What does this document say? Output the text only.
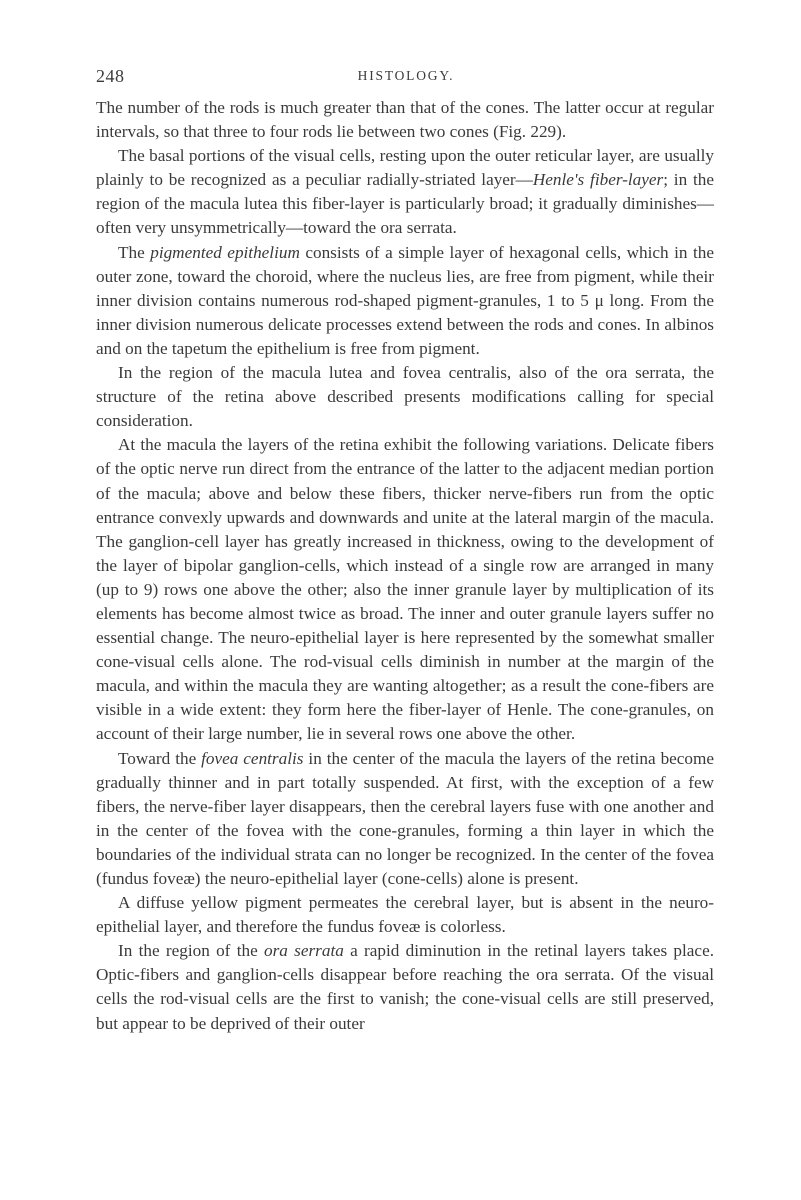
248	HISTOLOGY.

The number of the rods is much greater than that of the cones. The latter occur at regular intervals, so that three to four rods lie between two cones (Fig. 229).

The basal portions of the visual cells, resting upon the outer reticular layer, are usually plainly to be recognized as a peculiar radially-striated layer—Henle's fiber-layer; in the region of the macula lutea this fiber-layer is particularly broad; it gradually diminishes—often very unsymmetrically—toward the ora serrata.

The pigmented epithelium consists of a simple layer of hexagonal cells, which in the outer zone, toward the choroid, where the nucleus lies, are free from pigment, while their inner division contains numerous rod-shaped pigment-granules, 1 to 5 μ long. From the inner division numerous delicate processes extend between the rods and cones. In albinos and on the tapetum the epithelium is free from pigment.

In the region of the macula lutea and fovea centralis, also of the ora serrata, the structure of the retina above described presents modifications calling for special consideration.

At the macula the layers of the retina exhibit the following variations. Delicate fibers of the optic nerve run direct from the entrance of the latter to the adjacent median portion of the macula; above and below these fibers, thicker nerve-fibers run from the optic entrance convexly upwards and downwards and unite at the lateral margin of the macula. The ganglion-cell layer has greatly increased in thickness, owing to the development of the layer of bipolar ganglion-cells, which instead of a single row are arranged in many (up to 9) rows one above the other; also the inner granule layer by multiplication of its elements has become almost twice as broad. The inner and outer granule layers suffer no essential change. The neuro-epithelial layer is here represented by the somewhat smaller cone-visual cells alone. The rod-visual cells diminish in number at the margin of the macula, and within the macula they are wanting altogether; as a result the cone-fibers are visible in a wide extent: they form here the fiber-layer of Henle. The cone-granules, on account of their large number, lie in several rows one above the other.

Toward the fovea centralis in the center of the macula the layers of the retina become gradually thinner and in part totally suspended. At first, with the exception of a few fibers, the nerve-fiber layer disappears, then the cerebral layers fuse with one another and in the center of the fovea with the cone-granules, forming a thin layer in which the boundaries of the individual strata can no longer be recognized. In the center of the fovea (fundus foveæ) the neuro-epithelial layer (cone-cells) alone is present.

A diffuse yellow pigment permeates the cerebral layer, but is absent in the neuro-epithelial layer, and therefore the fundus foveæ is colorless.

In the region of the ora serrata a rapid diminution in the retinal layers takes place. Optic-fibers and ganglion-cells disappear before reaching the ora serrata. Of the visual cells the rod-visual cells are the first to vanish; the cone-visual cells are still preserved, but appear to be deprived of their outer
